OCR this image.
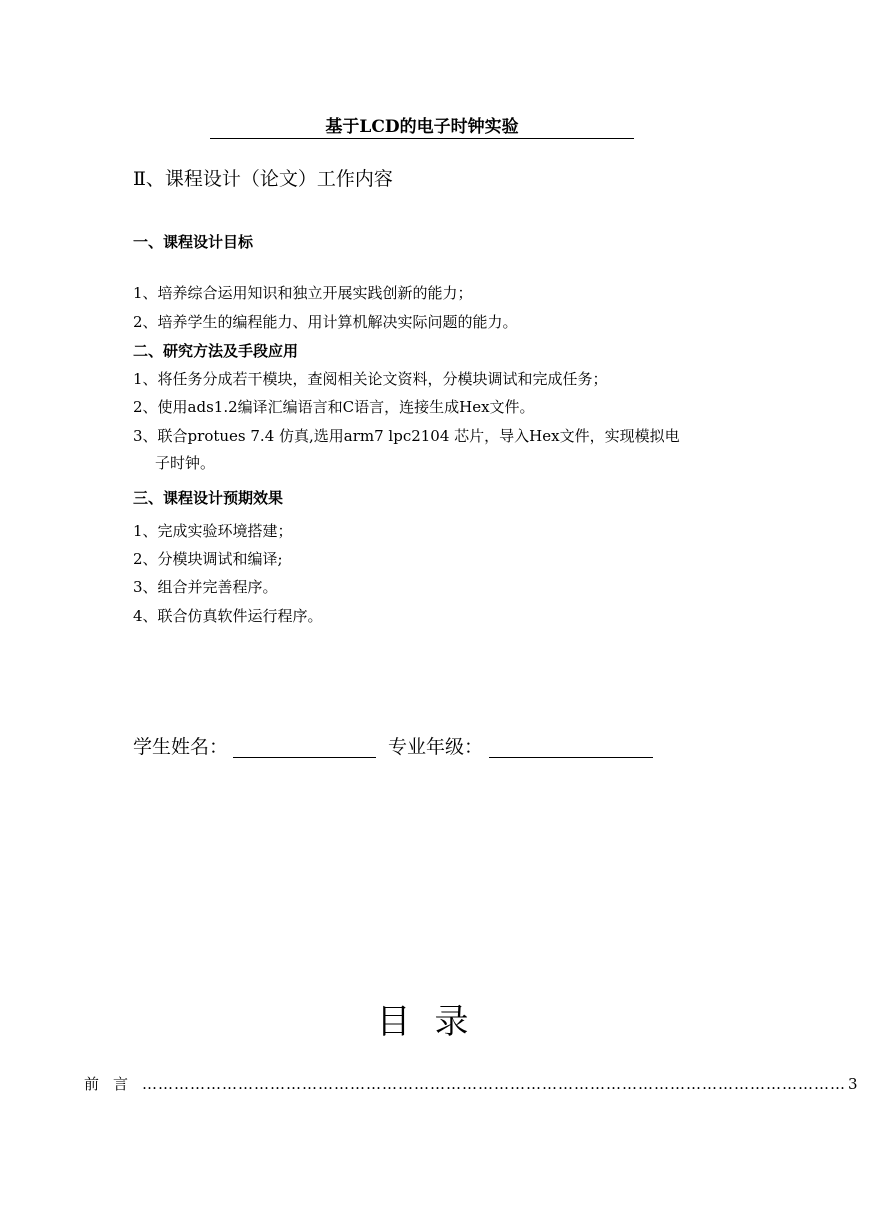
基于LCD的电子时钟实验
Ⅱ、课程设计（论文）工作内容
一、课程设计目标
1、培养综合运用知识和独立开展实践创新的能力；
2、培养学生的编程能力、用计算机解决实际问题的能力。
二、研究方法及手段应用
1、将任务分成若干模块，查阅相关论文资料，分模块调试和完成任务；
2、使用ads1.2编译汇编语言和C语言，连接生成Hex文件。
3、联合protues 7.4 仿真,选用arm7 lpc2104 芯片，导入Hex文件，实现模拟电
子时钟。
三、课程设计预期效果
1、完成实验环境搭建；
2、分模块调试和编译;
3、组合并完善程序。
4、联合仿真软件运行程序。
学生姓名：	专业年级：
目录
前言 …………………………………………………………………………………………………………………… 3
